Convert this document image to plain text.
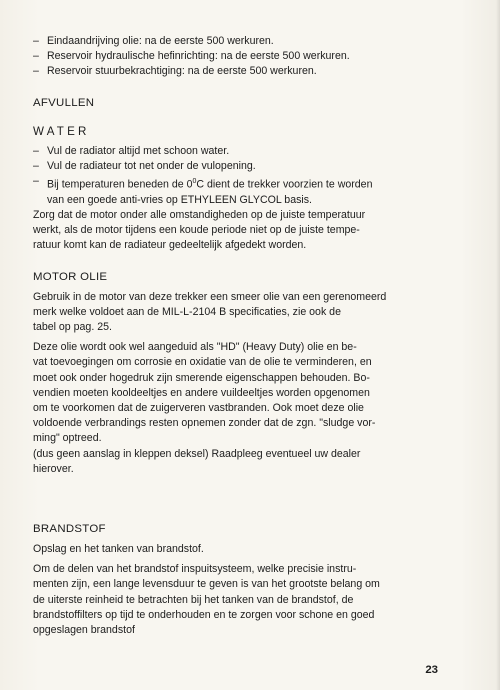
– Eindaandrijving olie: na de eerste 500 werkuren.
– Reservoir hydraulische hefinrichting: na de eerste 500 werkuren.
– Reservoir stuurbekrachtiging: na de eerste 500 werkuren.
AFVULLEN
WATER
– Vul de radiator altijd met schoon water.
– Vul de radiateur tot net onder de vulopening.
– Bij temperaturen beneden de $0^0C$ dient de trekker voorzien te worden
van een goede anti-vries op ETHYLEEN GLYCOL basis.

Zorg dat de motor onder alle omstandigheden op de juiste temperatuur
werkt, als de motor tijdens een koude periode niet op de juiste tempe-
ratuur komt kan de radiateur gedeeltelijk afgedekt worden.

MOTOR OLIE

Gebruik in de motor van deze trekker een smeer olie van een gerenomeerd
merk welke voldoet aan de MIL-L-2104 B specificaties, zie ook de
tabel op pag. 25.

Deze olie wordt ook wel aangeduid als "HD" (Heavy Duty) olie en be-
vat toevoegingen om corrosie en oxidatie van de olie te verminderen, en
moet ook onder hogedruk zijn smerende eigenschappen behouden. Bo-
vendien moeten kooldeeltjes en andere vuildeeltjes worden opgenomen
om te voorkomen dat de zuigerveren vastbranden. Ook moet deze olie
voldoende verbrandings resten opnemen zonder dat de zgn. "sludge vor-
ming" optreed.
(dus geen aanslag in kleppen deksel) Raadpleeg eventueel uw dealer
hierover.

BRANDSTOF

Opslag en het tanken van brandstof.

Om de delen van het brandstof inspuitsysteem, welke precisie instru-
menten zijn, een lange levensduur te geven is van het grootste belang om
de uiterste reinheid te betrachten bij het tanken van de brandstof, de
brandstoffilters op tijd te onderhouden en te zorgen voor schone en goed
opgeslagen brandstof

23
